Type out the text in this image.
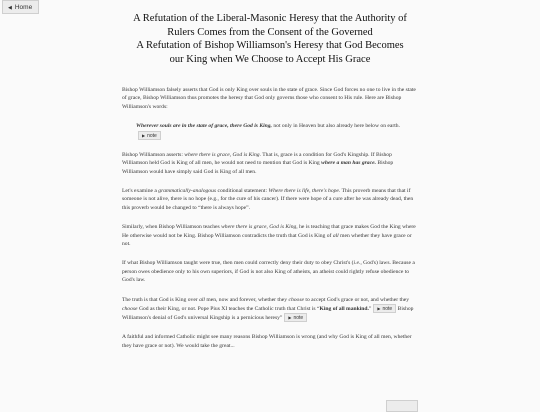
◀ Home
A Refutation of the Liberal-Masonic Heresy that the Authority of
Rulers Comes from the Consent of the Governed
A Refutation of Bishop Williamson's Heresy that God Becomes
our King when We Choose to Accept His Grace

Bishop Williamson falsely asserts that God is only King over souls in the state of grace. Since God forces no one to live in the state of grace, Bishop Williamson thus promotes the heresy that God only governs those who consent to His rule. Here are Bishop Williamson's words:

Wherever souls are in the state of grace, there God is King, not only in Heaven but also already here below on earth. ▶ note

Bishop Williamson asserts: where there is grace, God is King. That is, grace is a condition for God's Kingship. If Bishop Williamson held God is King of all men, he would not need to mention that God is King where a man has grace. Bishop Williamson would have simply said God is King of all men.

Let's examine a grammatically-analogous conditional statement: Where there is life, there's hope. This proverb means that that if someone is not alive, there is no hope (e.g., for the cure of his cancer). If there were hope of a cure after he was already dead, then this proverb would be changed to “there is always hope”.

Similarly, when Bishop Williamson teaches where there is grace, God is King, he is teaching that grace makes God the King where He otherwise would not be King. Bishop Williamson contradicts the truth that God is King of all men whether they have grace or not.

If what Bishop Williamson taught were true, then men could correctly deny their duty to obey Christ's (i.e., God's) laws. Because a person owes obedience only to his own superiors, if God is not also King of atheists, an atheist could rightly refuse obedience to God's law.

The truth is that God is King over all men, now and forever, whether they choose to accept God's grace or not, and whether they choose God as their King, or not. Pope Pius XI teaches the Catholic truth that Christ is “King of all mankind.” ▶ note Bishop Williamson's denial of God's universal Kingship is a pernicious heresy” ▶ note

A faithful and informed Catholic might see many reasons Bishop Williamson is wrong (and why God is King of all men, whether they have grace or not). We would take the great...
